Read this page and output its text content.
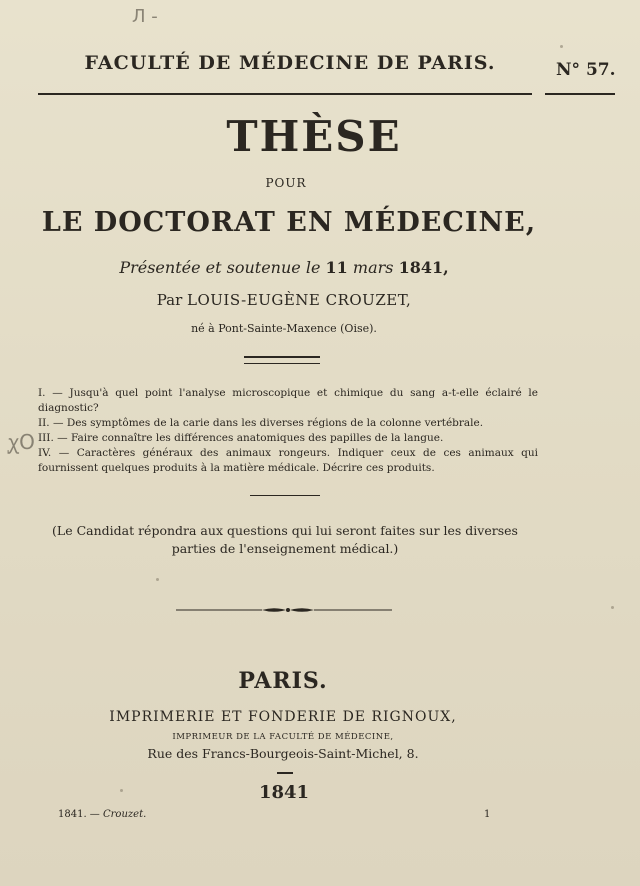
Л -
ꭕO
FACULTÉ DE MÉDECINE DE PARIS.	N° 57.
THÈSE
POUR
LE DOCTORAT EN MÉDECINE,
Présentée et soutenue le 11 mars 1841,
Par LOUIS-EUGÈNE CROUZET,
né à Pont-Sainte-Maxence (Oise).

I. — Jusqu'à quel point l'analyse microscopique et chimique du sang a-t-elle éclairé le diagnostic?

II. — Des symptômes de la carie dans les diverses régions de la colonne vertébrale.

III. — Faire connaître les différences anatomiques des papilles de la langue.

IV. — Caractères généraux des animaux rongeurs. Indiquer ceux de ces animaux qui fournissent quelques produits à la matière médicale. Décrire ces produits.

(Le Candidat répondra aux questions qui lui seront faites sur les diverses parties de l'enseignement médical.)
PARIS.
IMPRIMERIE ET FONDERIE DE RIGNOUX,
IMPRIMEUR DE LA FACULTÉ DE MÉDECINE,
Rue des Francs-Bourgeois-Saint-Michel, 8.
1841
1841. — Crouzet.	1
